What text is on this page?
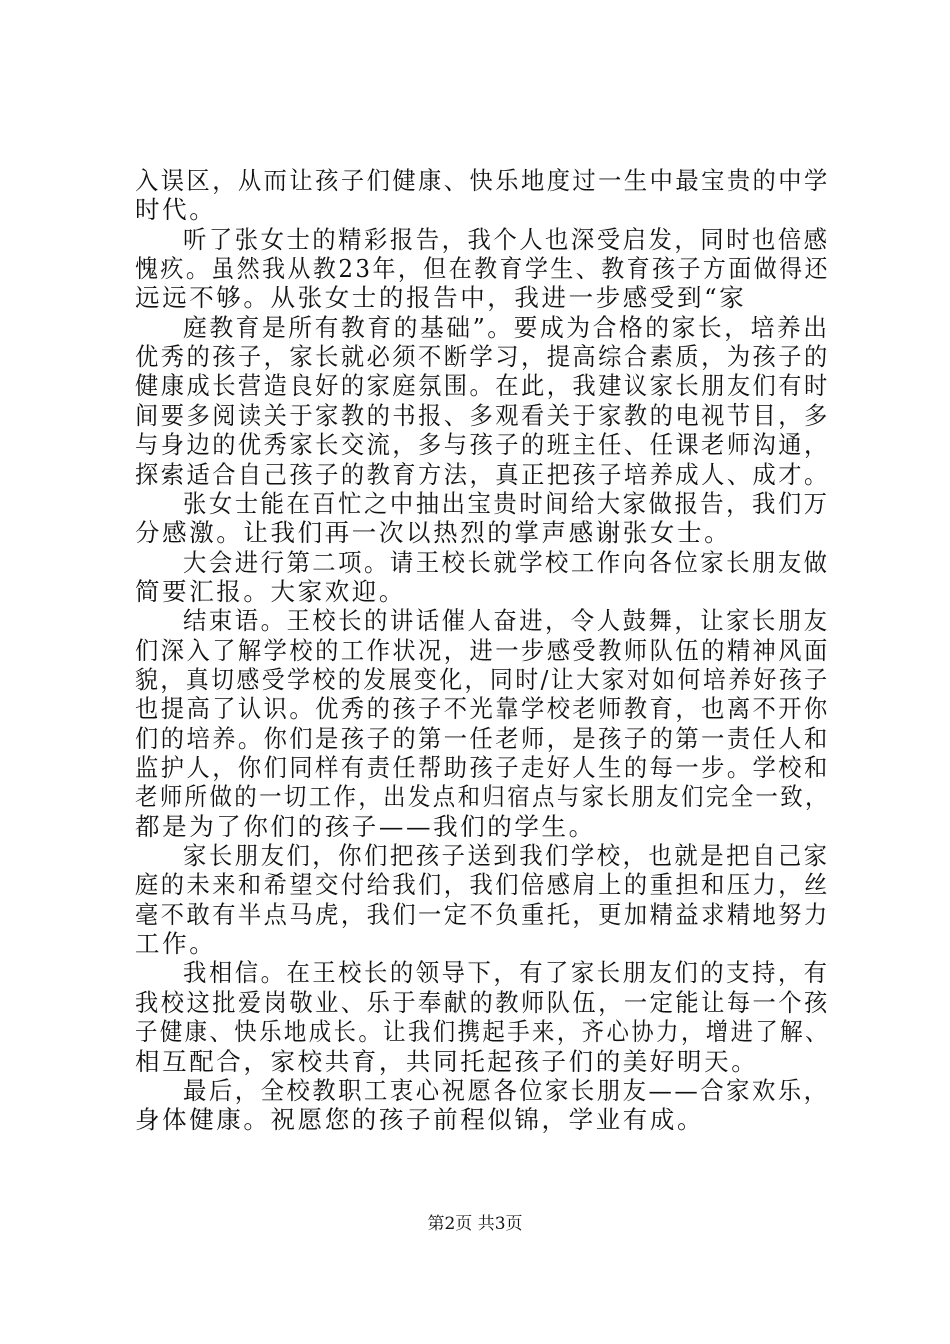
入误区，从而让孩子们健康、快乐地度过一生中最宝贵的中学
时代。
听了张女士的精彩报告，我个人也深受启发，同时也倍感
愧疚。虽然我从教23年，但在教育学生、教育孩子方面做得还
远远不够。从张女士的报告中，我进一步感受到“家
庭教育是所有教育的基础”。要成为合格的家长，培养出
优秀的孩子，家长就必须不断学习，提高综合素质，为孩子的
健康成长营造良好的家庭氛围。在此，我建议家长朋友们有时
间要多阅读关于家教的书报、多观看关于家教的电视节目，多
与身边的优秀家长交流，多与孩子的班主任、任课老师沟通，
探索适合自己孩子的教育方法，真正把孩子培养成人、成才。
张女士能在百忙之中抽出宝贵时间给大家做报告，我们万
分感激。让我们再一次以热烈的掌声感谢张女士。
大会进行第二项。请王校长就学校工作向各位家长朋友做
简要汇报。大家欢迎。
结束语。王校长的讲话催人奋进，令人鼓舞，让家长朋友
们深入了解学校的工作状况，进一步感受教师队伍的精神风面
貌，真切感受学校的发展变化，同时/让大家对如何培养好孩子
也提高了认识。优秀的孩子不光靠学校老师教育，也离不开你
们的培养。你们是孩子的第一任老师，是孩子的第一责任人和
监护人，你们同样有责任帮助孩子走好人生的每一步。学校和
老师所做的一切工作，出发点和归宿点与家长朋友们完全一致，
都是为了你们的孩子——我们的学生。
家长朋友们，你们把孩子送到我们学校，也就是把自己家
庭的未来和希望交付给我们，我们倍感肩上的重担和压力，丝
毫不敢有半点马虎，我们一定不负重托，更加精益求精地努力
工作。
我相信。在王校长的领导下，有了家长朋友们的支持，有
我校这批爱岗敬业、乐于奉献的教师队伍，一定能让每一个孩
子健康、快乐地成长。让我们携起手来，齐心协力，增进了解、
相互配合，家校共育，共同托起孩子们的美好明天。
最后，全校教职工衷心祝愿各位家长朋友——合家欢乐，
身体健康。祝愿您的孩子前程似锦，学业有成。
第2页 共3页
